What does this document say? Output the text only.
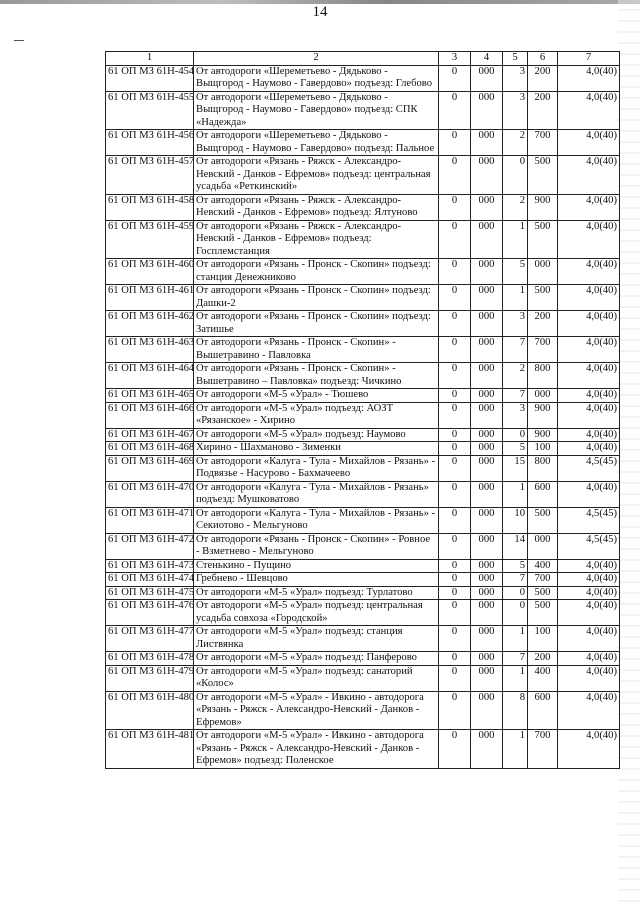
14
1	2	3	4	5	6	7
61 ОП МЗ 61Н-454	От автодороги «Шереметьево - Дядьково - Выщгород - Наумово - Гавердово» подъезд: Глебово	0	000	3	200	4,0(40)
61 ОП МЗ 61Н-455	От автодороги «Шереметьево - Дядьково - Выщгород - Наумово - Гавердово» подъезд: СПК «Надежда»	0	000	3	200	4,0(40)
61 ОП МЗ 61Н-456	От автодороги «Шереметьево - Дядьково - Выщгород - Наумово - Гавердово» подъезд: Пальное	0	000	2	700	4,0(40)
61 ОП МЗ 61Н-457	От автодороги «Рязань - Ряжск - Александро-Невский - Данков - Ефремов» подъезд: центральная усадьба «Реткинский»	0	000	0	500	4,0(40)
61 ОП МЗ 61Н-458	От автодороги «Рязань - Ряжск - Александро-Невский - Данков - Ефремов» подъезд: Ялтуново	0	000	2	900	4,0(40)
61 ОП МЗ 61Н-459	От автодороги «Рязань - Ряжск - Александро-Невский - Данков - Ефремов» подъезд: Госплемстанция	0	000	1	500	4,0(40)
61 ОП МЗ 61Н-460	От автодороги «Рязань - Пронск - Скопин» подъезд: станция Денежниково	0	000	5	000	4,0(40)
61 ОП МЗ 61Н-461	От автодороги «Рязань - Пронск - Скопин» подъезд: Дашки-2	0	000	1	500	4,0(40)
61 ОП МЗ 61Н-462	От автодороги «Рязань - Пронск - Скопин» подъезд: Затишье	0	000	3	200	4,0(40)
61 ОП МЗ 61Н-463	От автодороги «Рязань - Пронск - Скопин» - Вышетравино - Павловка	0	000	7	700	4,0(40)
61 ОП МЗ 61Н-464	От автодороги «Рязань - Пронск - Скопин» - Вышетравино – Павловка» подъезд: Чичкино	0	000	2	800	4,0(40)
61 ОП МЗ 61Н-465	От автодороги «М-5 «Урал» - Тюшево	0	000	7	000	4,0(40)
61 ОП МЗ 61Н-466	От автодороги «М-5 «Урал» подъезд: АОЗТ «Рязанское» - Хирино	0	000	3	900	4,0(40)
61 ОП МЗ 61Н-467	От автодороги «М-5 «Урал» подъезд: Наумово	0	000	0	900	4,0(40)
61 ОП МЗ 61Н-468	Хирино - Шахманово - Зименки	0	000	5	100	4,0(40)
61 ОП МЗ 61Н-469	От автодороги «Калуга - Тула - Михайлов - Рязань» - Подвязье - Насурово - Бахмачеево	0	000	15	800	4,5(45)
61 ОП МЗ 61Н-470	От автодороги «Калуга - Тула - Михайлов - Рязань» подъезд: Мушковатово	0	000	1	600	4,0(40)
61 ОП МЗ 61Н-471	От автодороги «Калуга - Тула - Михайлов - Рязань» - Секиотово - Мельгуново	0	000	10	500	4,5(45)
61 ОП МЗ 61Н-472	От автодороги «Рязань - Пронск - Скопин» - Ровное - Взметнево - Мельгуново	0	000	14	000	4,5(45)
61 ОП МЗ 61Н-473	Стенькино - Пущино	0	000	5	400	4,0(40)
61 ОП МЗ 61Н-474	Гребнево - Шевцово	0	000	7	700	4,0(40)
61 ОП МЗ 61Н-475	От автодороги «М-5 «Урал» подъезд: Турлатово	0	000	0	500	4,0(40)
61 ОП МЗ 61Н-476	От автодороги «М-5 «Урал» подъезд: центральная усадьба совхоза «Городской»	0	000	0	500	4,0(40)
61 ОП МЗ 61Н-477	От автодороги «М-5 «Урал» подъезд: станция Листвянка	0	000	1	100	4,0(40)
61 ОП МЗ 61Н-478	От автодороги «М-5 «Урал» подъезд: Панферово	0	000	7	200	4,0(40)
61 ОП МЗ 61Н-479	От автодороги «М-5 «Урал» подъезд: санаторий «Колос»	0	000	1	400	4,0(40)
61 ОП МЗ 61Н-480	От автодороги «М-5 «Урал» - Ивкино - автодорога «Рязань - Ряжск - Александро-Невский - Данков - Ефремов»	0	000	8	600	4,0(40)
61 ОП МЗ 61Н-481	От автодороги «М-5 «Урал» - Ивкино - автодорога «Рязань - Ряжск - Александро-Невский - Данков - Ефремов» подъезд: Поленское	0	000	1	700	4,0(40)
